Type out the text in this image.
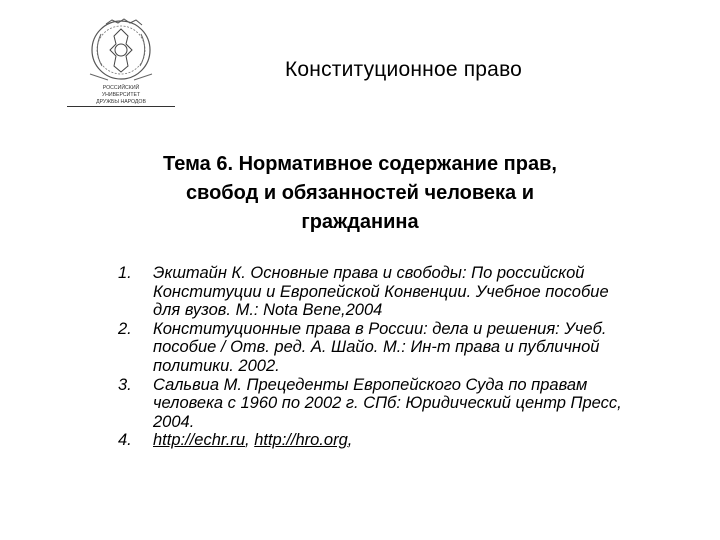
РОССИЙСКИЙ
УНИВЕРСИТЕТ
ДРУЖБЫ НАРОДОВ
Конституционное право
Тема 6. Нормативное содержание прав,
свобод и обязанностей человека и
гражданина
1. Экштайн К. Основные права и свободы: По российской Конституции и Европейской Конвенции. Учебное пособие для вузов. М.: Nota Bene,2004
2. Конституционные права в России: дела и решения: Учеб. пособие / Отв. ред. А. Шайо. М.: Ин-т права и публичной политики. 2002.
3. Сальвиа М. Прецеденты Европейского Суда по правам человека с 1960 по 2002 г. СПб: Юридический центр Пресс, 2004.
4. http://echr.ru, http://hro.org,
